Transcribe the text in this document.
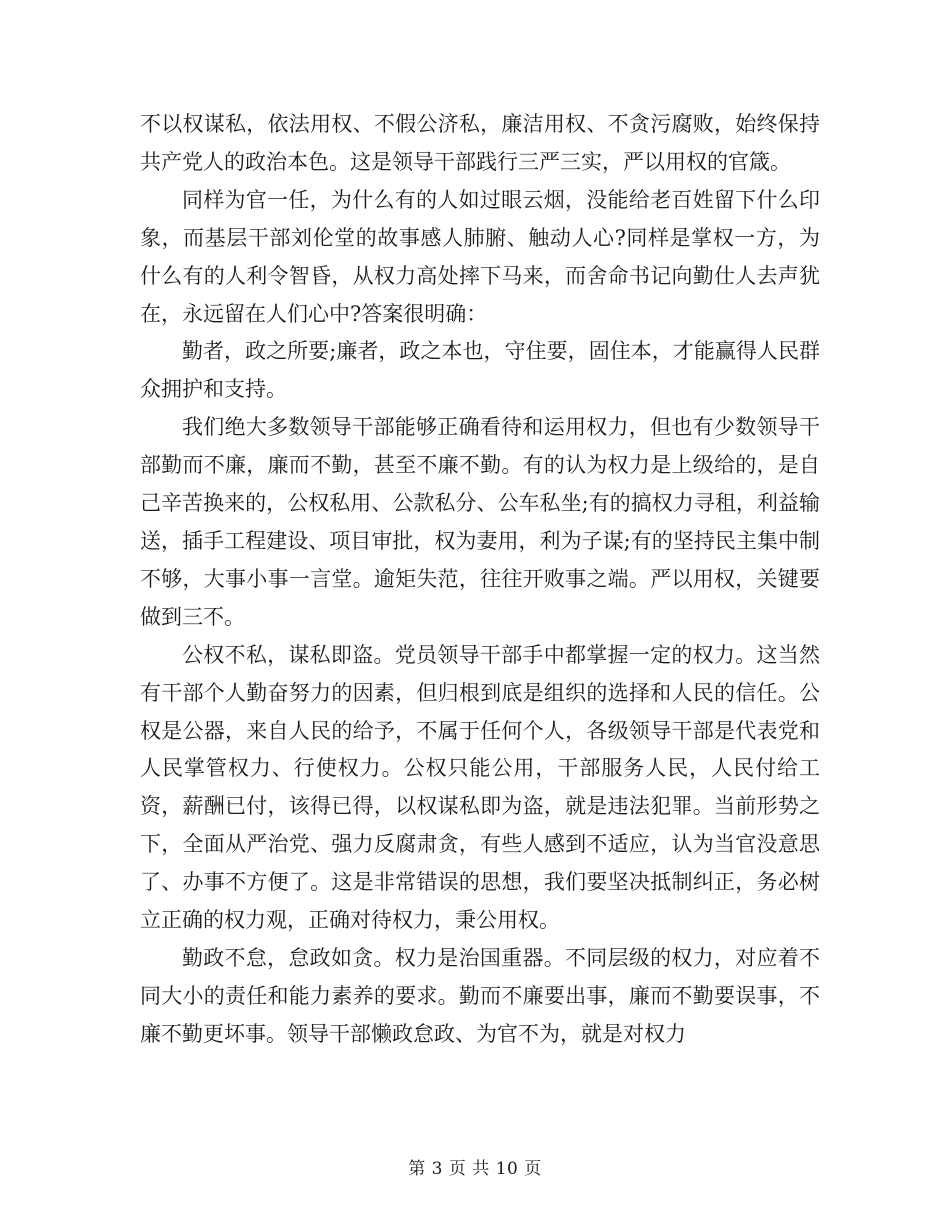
不以权谋私，依法用权、不假公济私，廉洁用权、不贪污腐败，始终保持共产党人的政治本色。这是领导干部践行三严三实，严以用权的官箴。

同样为官一任，为什么有的人如过眼云烟，没能给老百姓留下什么印象，而基层干部刘伦堂的故事感人肺腑、触动人心?同样是掌权一方，为什么有的人利令智昏，从权力高处摔下马来，而舍命书记向勤仕人去声犹在，永远留在人们心中?答案很明确：

勤者，政之所要;廉者，政之本也，守住要，固住本，才能赢得人民群众拥护和支持。

我们绝大多数领导干部能够正确看待和运用权力，但也有少数领导干部勤而不廉，廉而不勤，甚至不廉不勤。有的认为权力是上级给的，是自己辛苦换来的，公权私用、公款私分、公车私坐;有的搞权力寻租，利益输送，插手工程建设、项目审批，权为妻用，利为子谋;有的坚持民主集中制不够，大事小事一言堂。逾矩失范，往往开败事之端。严以用权，关键要做到三不。

公权不私，谋私即盗。党员领导干部手中都掌握一定的权力。这当然有干部个人勤奋努力的因素，但归根到底是组织的选择和人民的信任。公权是公器，来自人民的给予，不属于任何个人，各级领导干部是代表党和人民掌管权力、行使权力。公权只能公用，干部服务人民，人民付给工资，薪酬已付，该得已得，以权谋私即为盗，就是违法犯罪。当前形势之下，全面从严治党、强力反腐肃贪，有些人感到不适应，认为当官没意思了、办事不方便了。这是非常错误的思想，我们要坚决抵制纠正，务必树立正确的权力观，正确对待权力，秉公用权。

勤政不怠，怠政如贪。权力是治国重器。不同层级的权力，对应着不同大小的责任和能力素养的要求。勤而不廉要出事，廉而不勤要误事，不廉不勤更坏事。领导干部懒政怠政、为官不为，就是对权力

第 3 页 共 10 页
